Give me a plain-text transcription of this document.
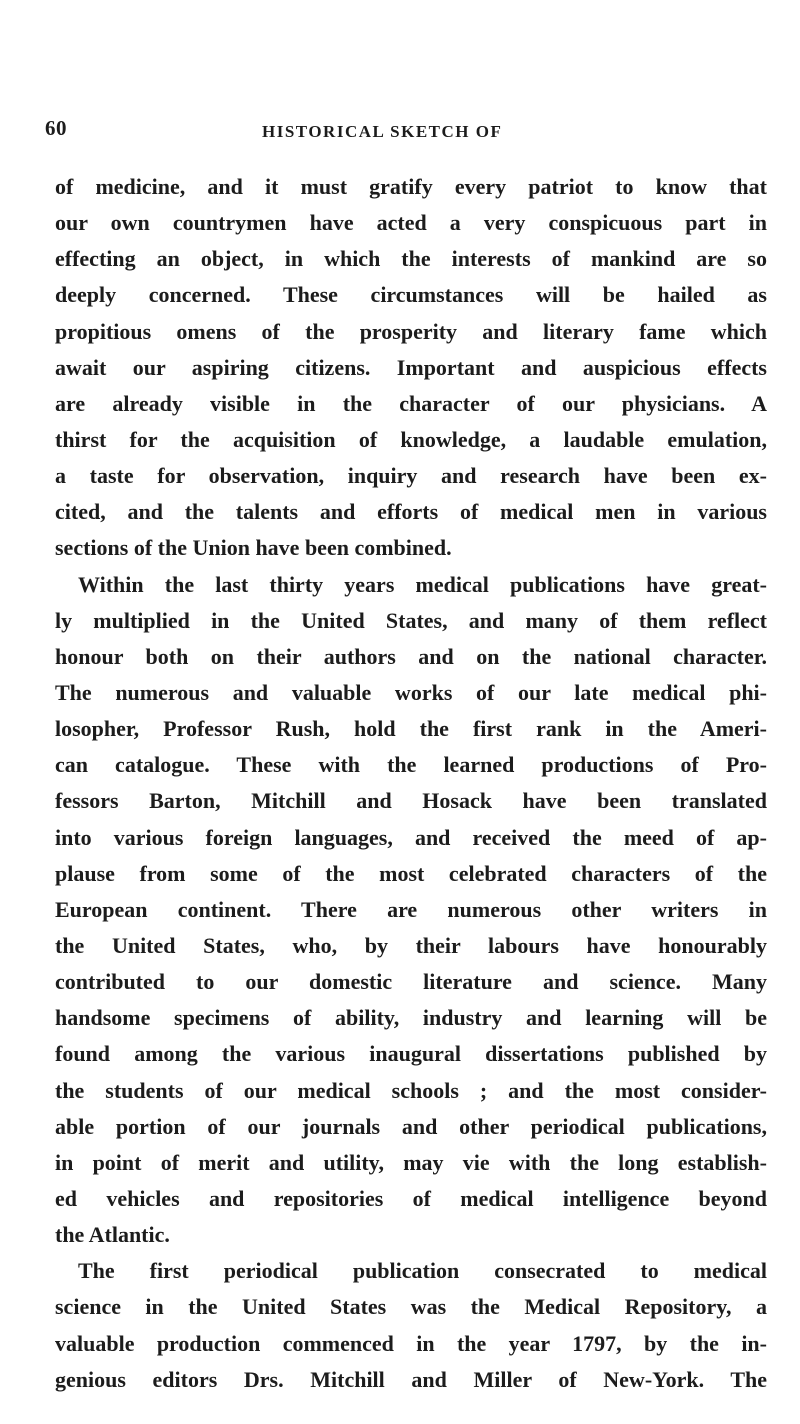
60	HISTORICAL SKETCH OF
of medicine, and it must gratify every patriot to know that
our own countrymen have acted a very conspicuous part in
effecting an object, in which the interests of mankind are so
deeply concerned. These circumstances will be hailed as
propitious omens of the prosperity and literary fame which
await our aspiring citizens. Important and auspicious effects
are already visible in the character of our physicians. A
thirst for the acquisition of knowledge, a laudable emulation,
a taste for observation, inquiry and research have been ex-
cited, and the talents and efforts of medical men in various
sections of the Union have been combined.
Within the last thirty years medical publications have great-
ly multiplied in the United States, and many of them reflect
honour both on their authors and on the national character.
The numerous and valuable works of our late medical phi-
losopher, Professor Rush, hold the first rank in the Ameri-
can catalogue. These with the learned productions of Pro-
fessors Barton, Mitchill and Hosack have been translated
into various foreign languages, and received the meed of ap-
plause from some of the most celebrated characters of the
European continent. There are numerous other writers in
the United States, who, by their labours have honourably
contributed to our domestic literature and science. Many
handsome specimens of ability, industry and learning will be
found among the various inaugural dissertations published by
the students of our medical schools ; and the most consider-
able portion of our journals and other periodical publications,
in point of merit and utility, may vie with the long establish-
ed vehicles and repositories of medical intelligence beyond
the Atlantic.
The first periodical publication consecrated to medical
science in the United States was the Medical Repository, a
valuable production commenced in the year 1797, by the in-
genious editors Drs. Mitchill and Miller of New-York. The
